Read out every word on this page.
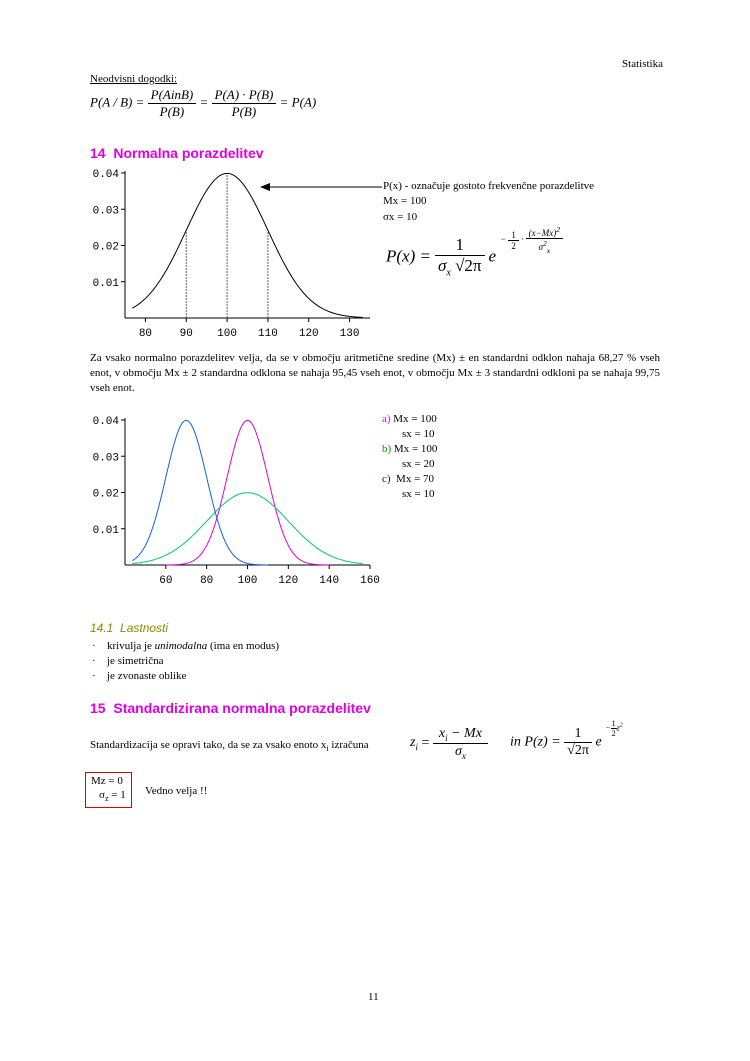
Statistika
Neodvisni dogodki:
$P(A / B) = \frac{\text{P(AinB)}}{P(B)} = \frac{P(A) \cdot P(B)}{P(B)} = P(A)$
14 Normalna porazdelitev
0.01
0.02
0.03
0.04
80	90 100 110 120 130
P(x) - označuje gostoto frekvenčne porazdelitve
Mx = 100
σx = 10
$P(x) = \frac{1}{\sigma_x √2\pi}$ $e - \frac{1}{2} \cdot \frac{(x-Mx)^2}{\sigma^2_x}$
Za vsako normalno porazdelitev velja, da se v območju aritmetične sredine (Mx) ± en standardni odklon nahaja 68,27 % vseh enot, v območju Mx ± 2 standardna odklona se nahaja 95,45 vseh enot, v območju Mx ± 3 standardni odkloni pa se nahaja 99,75 vseh enot.
0.01
0.02
0.03
0.04
60	80 100 120 140 160
a) Mx = 100
sx = 10
b) Mx = 100
sx = 20
c) Mx = 70
sx = 10
14.1 Lastnosti
· krivulja je unimodalna (ima en modus)
· je simetrična
· je zvonaste oblike
15 Standardizirana normalna porazdelitev
Standardizacija se opravi tako, da se za vsako enoto $x_i$ izračuna	$z_i = \frac{x_i - Mx}{\sigma_x}$ in $P(z) = \frac{1}{√2\pi}$ $e - \frac{1}{2} z^2$
Mz = 0
$\sigma_z = 1$ Vedno velja !!
11
